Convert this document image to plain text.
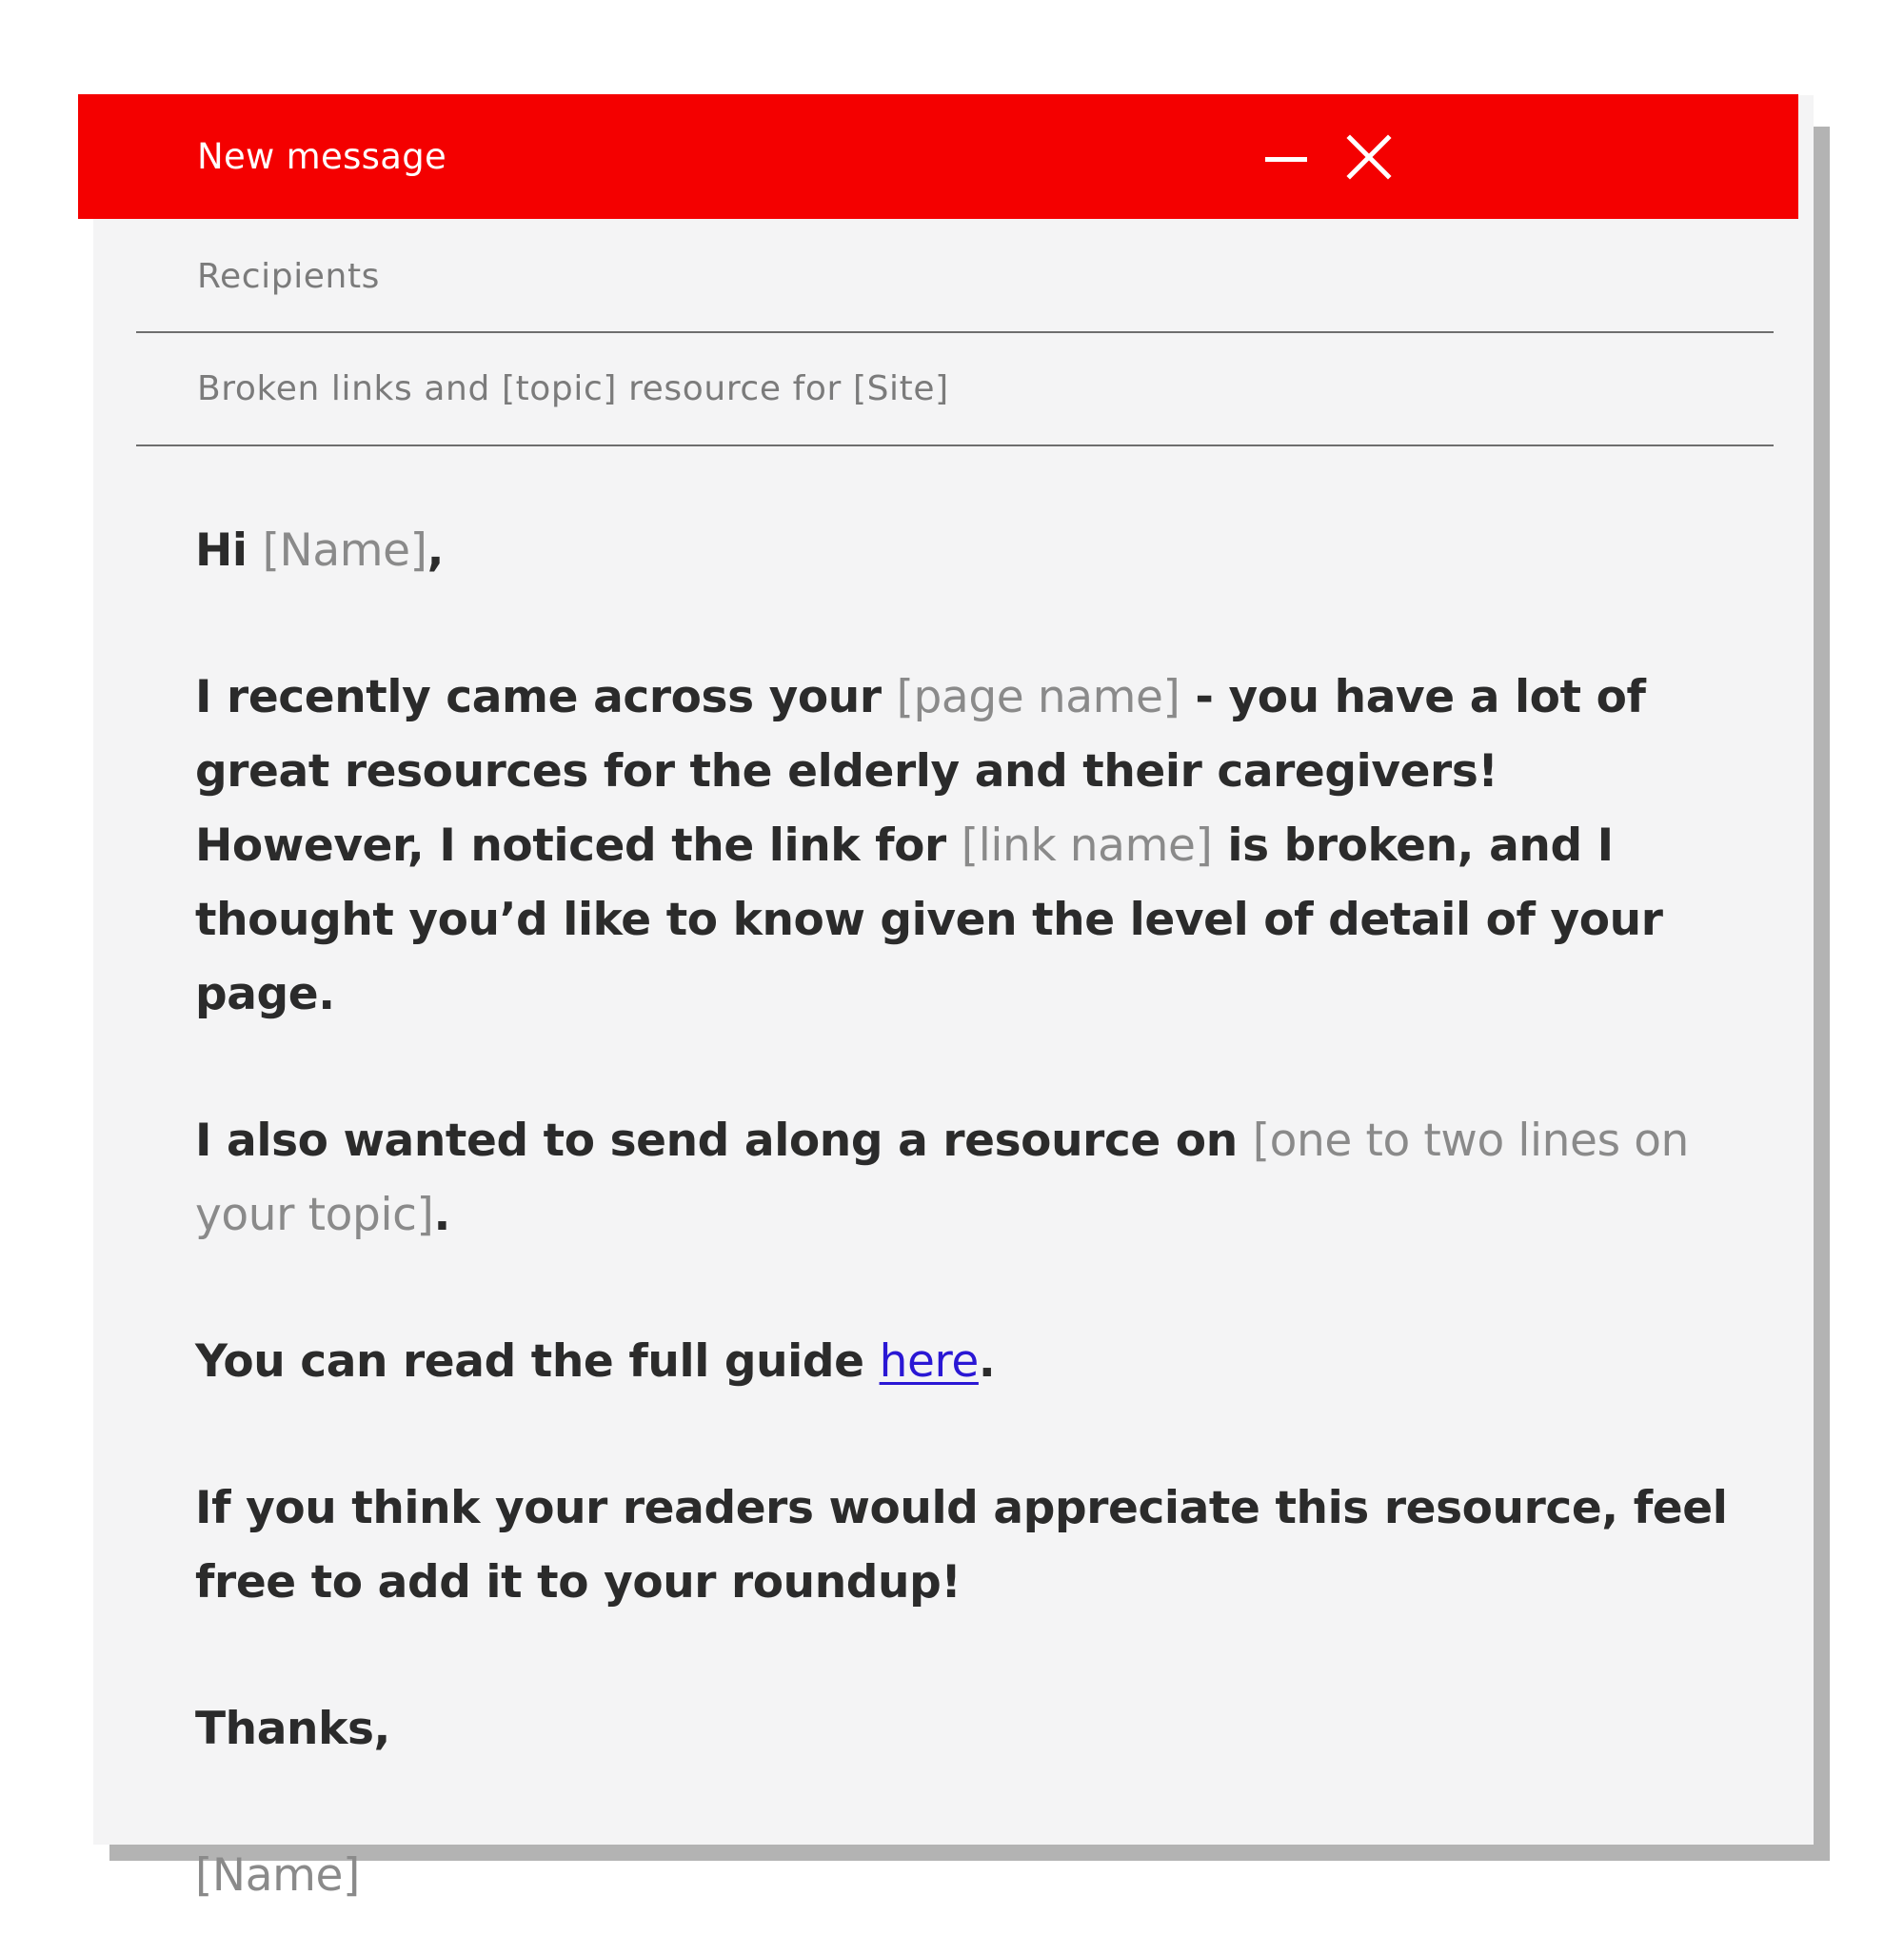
New message
Recipients
Broken links and [topic] resource for [Site]

Hi [Name],

I recently came across your [page name] - you have a lot of great resources for the elderly and their caregivers! However, I noticed the link for [link name] is broken, and I thought you’d like to know given the level of detail of your page.

I also wanted to send along a resource on [one to two lines on your topic].

You can read the full guide here.

If you think your readers would appreciate this resource, feel free to add it to your roundup!

Thanks,

[Name]
